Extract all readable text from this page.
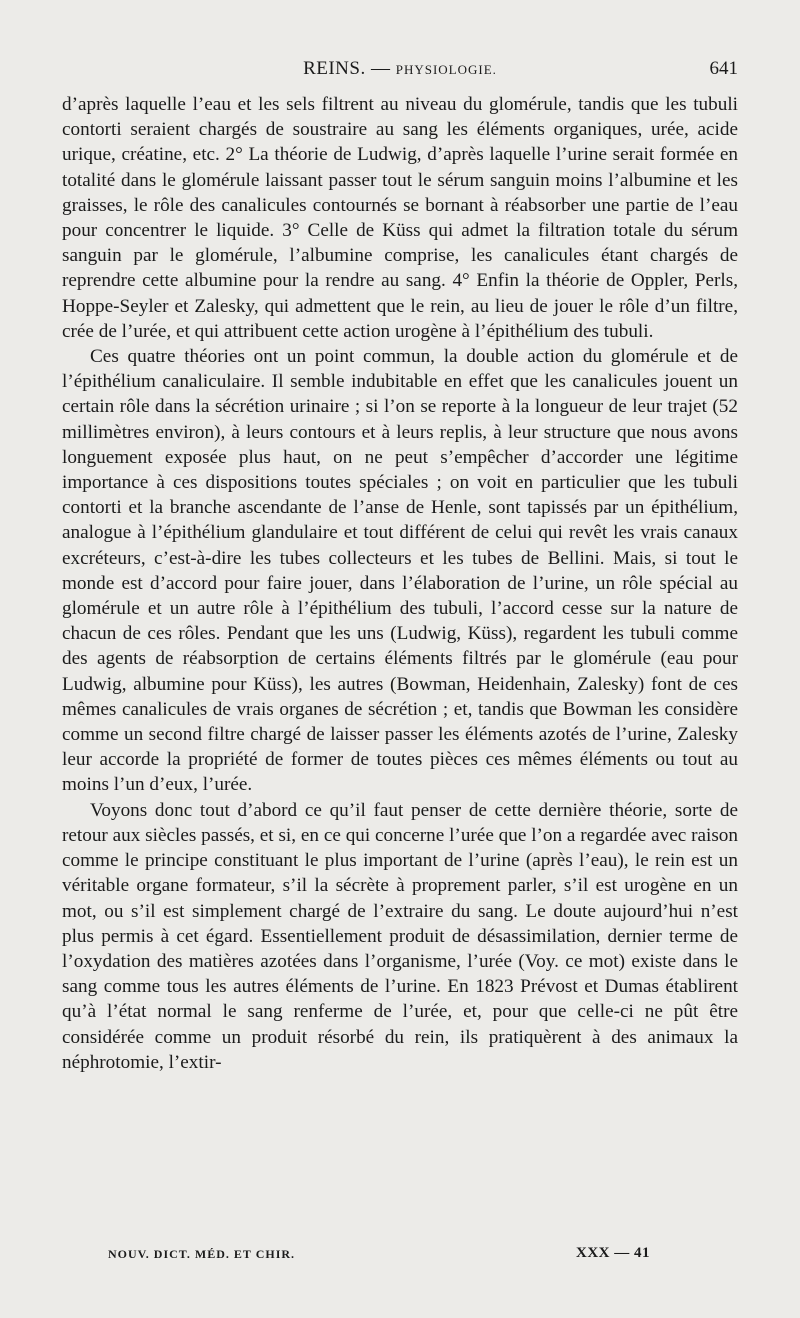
REINS. — PHYSIOLOGIE.	641

d’après laquelle l’eau et les sels filtrent au niveau du glomérule, tandis que les tubuli contorti seraient chargés de soustraire au sang les éléments organiques, urée, acide urique, créatine, etc. 2° La théorie de Ludwig, d’après laquelle l’urine serait formée en totalité dans le glomérule laissant passer tout le sérum sanguin moins l’albumine et les graisses, le rôle des canalicules contournés se bornant à réabsorber une partie de l’eau pour concentrer le liquide. 3° Celle de Küss qui admet la filtration totale du sérum sanguin par le glomérule, l’albumine comprise, les canalicules étant chargés de reprendre cette albumine pour la rendre au sang. 4° Enfin la théorie de Oppler, Perls, Hoppe-Seyler et Zalesky, qui admettent que le rein, au lieu de jouer le rôle d’un filtre, crée de l’urée, et qui attribuent cette action urogène à l’épithélium des tubuli.

Ces quatre théories ont un point commun, la double action du glomérule et de l’épithélium canaliculaire. Il semble indubitable en effet que les canalicules jouent un certain rôle dans la sécrétion urinaire ; si l’on se reporte à la longueur de leur trajet (52 millimètres environ), à leurs contours et à leurs replis, à leur structure que nous avons longuement exposée plus haut, on ne peut s’empêcher d’accorder une légitime importance à ces dispositions toutes spéciales ; on voit en particulier que les tubuli contorti et la branche ascendante de l’anse de Henle, sont tapissés par un épithélium, analogue à l’épithélium glandulaire et tout différent de celui qui revêt les vrais canaux excréteurs, c’est-à-dire les tubes collecteurs et les tubes de Bellini. Mais, si tout le monde est d’accord pour faire jouer, dans l’élaboration de l’urine, un rôle spécial au glomérule et un autre rôle à l’épithélium des tubuli, l’accord cesse sur la nature de chacun de ces rôles. Pendant que les uns (Ludwig, Küss), regardent les tubuli comme des agents de réabsorption de certains éléments filtrés par le glomérule (eau pour Ludwig, albumine pour Küss), les autres (Bowman, Heidenhain, Zalesky) font de ces mêmes canalicules de vrais organes de sécrétion ; et, tandis que Bowman les considère comme un second filtre chargé de laisser passer les éléments azotés de l’urine, Zalesky leur accorde la propriété de former de toutes pièces ces mêmes éléments ou tout au moins l’un d’eux, l’urée.

Voyons donc tout d’abord ce qu’il faut penser de cette dernière théorie, sorte de retour aux siècles passés, et si, en ce qui concerne l’urée que l’on a regardée avec raison comme le principe constituant le plus important de l’urine (après l’eau), le rein est un véritable organe formateur, s’il la sécrète à proprement parler, s’il est urogène en un mot, ou s’il est simplement chargé de l’extraire du sang. Le doute aujourd’hui n’est plus permis à cet égard. Essentiellement produit de désassimilation, dernier terme de l’oxydation des matières azotées dans l’organisme, l’urée (Voy. ce mot) existe dans le sang comme tous les autres éléments de l’urine. En 1823 Prévost et Dumas établirent qu’à l’état normal le sang renferme de l’urée, et, pour que celle-ci ne pût être considérée comme un produit résorbé du rein, ils pratiquèrent à des animaux la néphrotomie, l’extir-

NOUV. DICT. MÉD. ET CHIR.	XXX — 41
